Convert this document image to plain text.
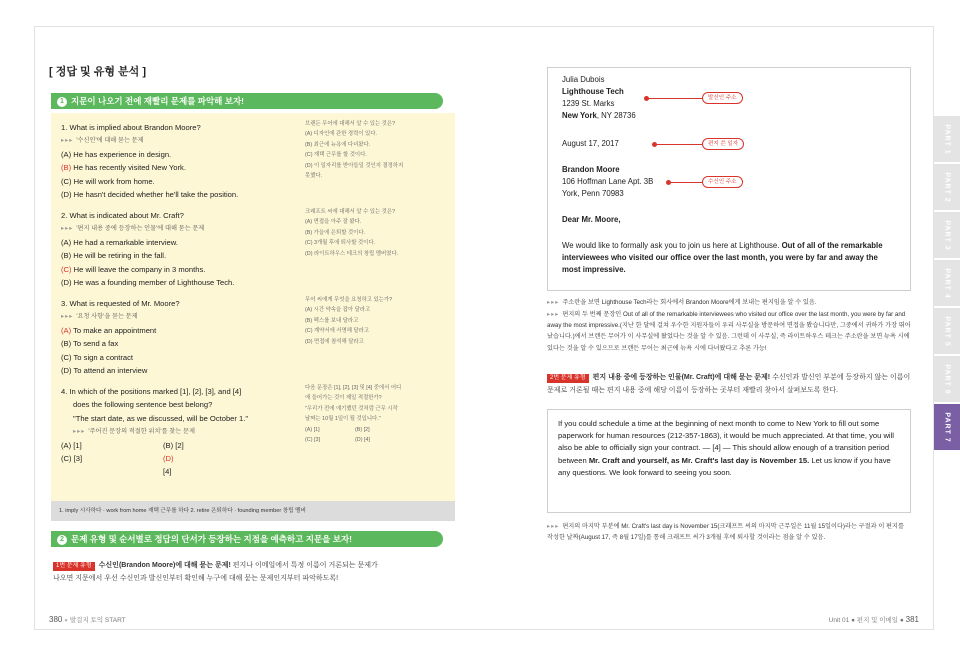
[ 정답 및 유형 분석 ]
1 지문이 나오기 전에 재빨리 문제를 파악해 보자!
1. What is implied about Brandon Moore?
▸▸▸ '수신인'에 대해 묻는 문제
(A) He has experience in design.
(B) He has recently visited New York.
(C) He will work from home.
(D) He hasn't decided whether he'll take the position.
브랜든 무어에 대해서 알 수 있는 것은?
(A) 디자인에 관한 경력이 있다.
(B) 최근에 뉴욕에 다녀왔다.
(C) 재택 근무를 할 것이다.
(D) 이 일자리를 받아들일 것인지 결정하지
못했다.
2. What is indicated about Mr. Craft?
▸▸▸ '편지 내용 중에 등장하는 인물'에 대해 묻는 문제
(A) He had a remarkable interview.
(B) He will be retiring in the fall.
(C) He will leave the company in 3 months.
(D) He was a founding member of Lighthouse Tech.
크래프트 씨에 대해서 알 수 있는 것은?
(A) 면접을 아주 잘 봤다.
(B) 가을에 은퇴할 것이다.
(C) 3개월 후에 퇴사할 것이다.
(D) 라이트하우스 테크의 창립 멤버였다.
3. What is requested of Mr. Moore?
▸▸▸ '요청 사항'을 묻는 문제
(A) To make an appointment
(B) To send a fax
(C) To sign a contract
(D) To attend an interview
무어 씨에게 무엇을 요청하고 있는가?
(A) 시간 약속을 잡아 달라고
(B) 팩스를 보내 달라고
(C) 계약서에 서명해 달라고
(D) 면접에 참석해 달라고
4. In which of the positions marked [1], [2], [3], and [4]
does the following sentence best belong?
"The start date, as we discussed, will be October 1."
▸▸▸ '주어진 문장의 적절한 위치'를 찾는 문제
(A) [1]	(B) [2]
(C) [3]	(D) [4]
다음 문장은 [1], [2], [3] 및 [4] 중에서 어디
에 들어가는 것이 제일 적절한가?
"우리가 전에 얘기했던 것처럼 근무 시작
날짜는 10월 1일이 될 것입니다."
(A) [1]	(B) [2]
(C) [3]	(D) [4]
1. imply 시사하다 · work from home 재택 근무를 하다 2. retire 은퇴하다 · founding member 창립 멤버
2 문제 유형 및 순서별로 정답의 단서가 등장하는 지점을 예측하고 지문을 보자!
1번 문제 유형 수신인(Brandon Moore)에 대해 묻는 문제! 편지나 이메일에서 특정 이름이 거론되는 문제가
나오면 지문에서 우선 수신인과 발신인부터 확인해 누구에 대해 묻는 문제인지부터 파악하도록!
380 ● 발걸지 토익 START
Julia Dubois
Lighthouse Tech
1239 St. Marks
New York, NY 28736
August 17, 2017
Brandon Moore
106 Hoffman Lane Apt. 3B
York, Penn 70983
Dear Mr. Moore,
We would like to formally ask you to join us here at Lighthouse. Out of all of the remarkable interviewees who visited our office over the last month, you were by far and away the most impressive.
발신인 주소
편지 쓴 일자
수신인 주소
▸▸▸ 주소란을 보면 Lighthouse Tech라는 회사에서 Brandon Moore에게 보내는 편지임을 알 수 있음.
▸▸▸ 편지의 두 번째 문장인 Out of all of the remarkable interviewees who visited our office over the last month, you were by far and away the most impressive.(지난 한 달에 걸쳐 우수한 지원자들이 우리 사무실을 방문하여 면접을 봤습니다만, 그중에서 귀하가 가장 뛰어났습니다.)에서 브랜든 무어가 이 사무실에 왔었다는 것을 알 수 있음. 그런데 이 사무실, 즉 라이트하우스 테크는 주소란을 보면 뉴욕 시에 있다는 것을 알 수 있으므로 브랜든 무어는 최근에 뉴욕 시에 다녀왔다고 추론 가능!
2번 문제 유형 편지 내용 중에 등장하는 인물(Mr. Craft)에 대해 묻는 문제! 수신인과 발신인 부분에 등장하지 않는 이름이 문제로 거론될 때는 편지 내용 중에 해당 이름이 등장하는 곳부터 재빨리 찾아서 살펴보도록 한다.
If you could schedule a time at the beginning of next month to come to New York to fill out some paperwork for human resources (212-357-1863), it would be much appreciated. At that time, you will also be able to officially sign your contract. — [4] — This should allow enough of a transition period between Mr. Craft and yourself, as Mr. Craft's last day is November 15. Let us know if you have any questions. We look forward to seeing you soon.
▸▸▸ 편지의 마지막 부분에 Mr. Craft's last day is November 15(크래프트 씨의 마지막 근무일은 11월 15일이다)라는 구절과 이 편지를 작성한 날짜(August 17, 즉 8월 17일)를 통해 크래프트 씨가 3개월 후에 퇴사할 것이라는 점을 알 수 있음.
Unit 01 ● 편지 및 이메일 ● 381
PART 1
PART 2
PART 3
PART 4
PART 5
PART 6
PART 7
